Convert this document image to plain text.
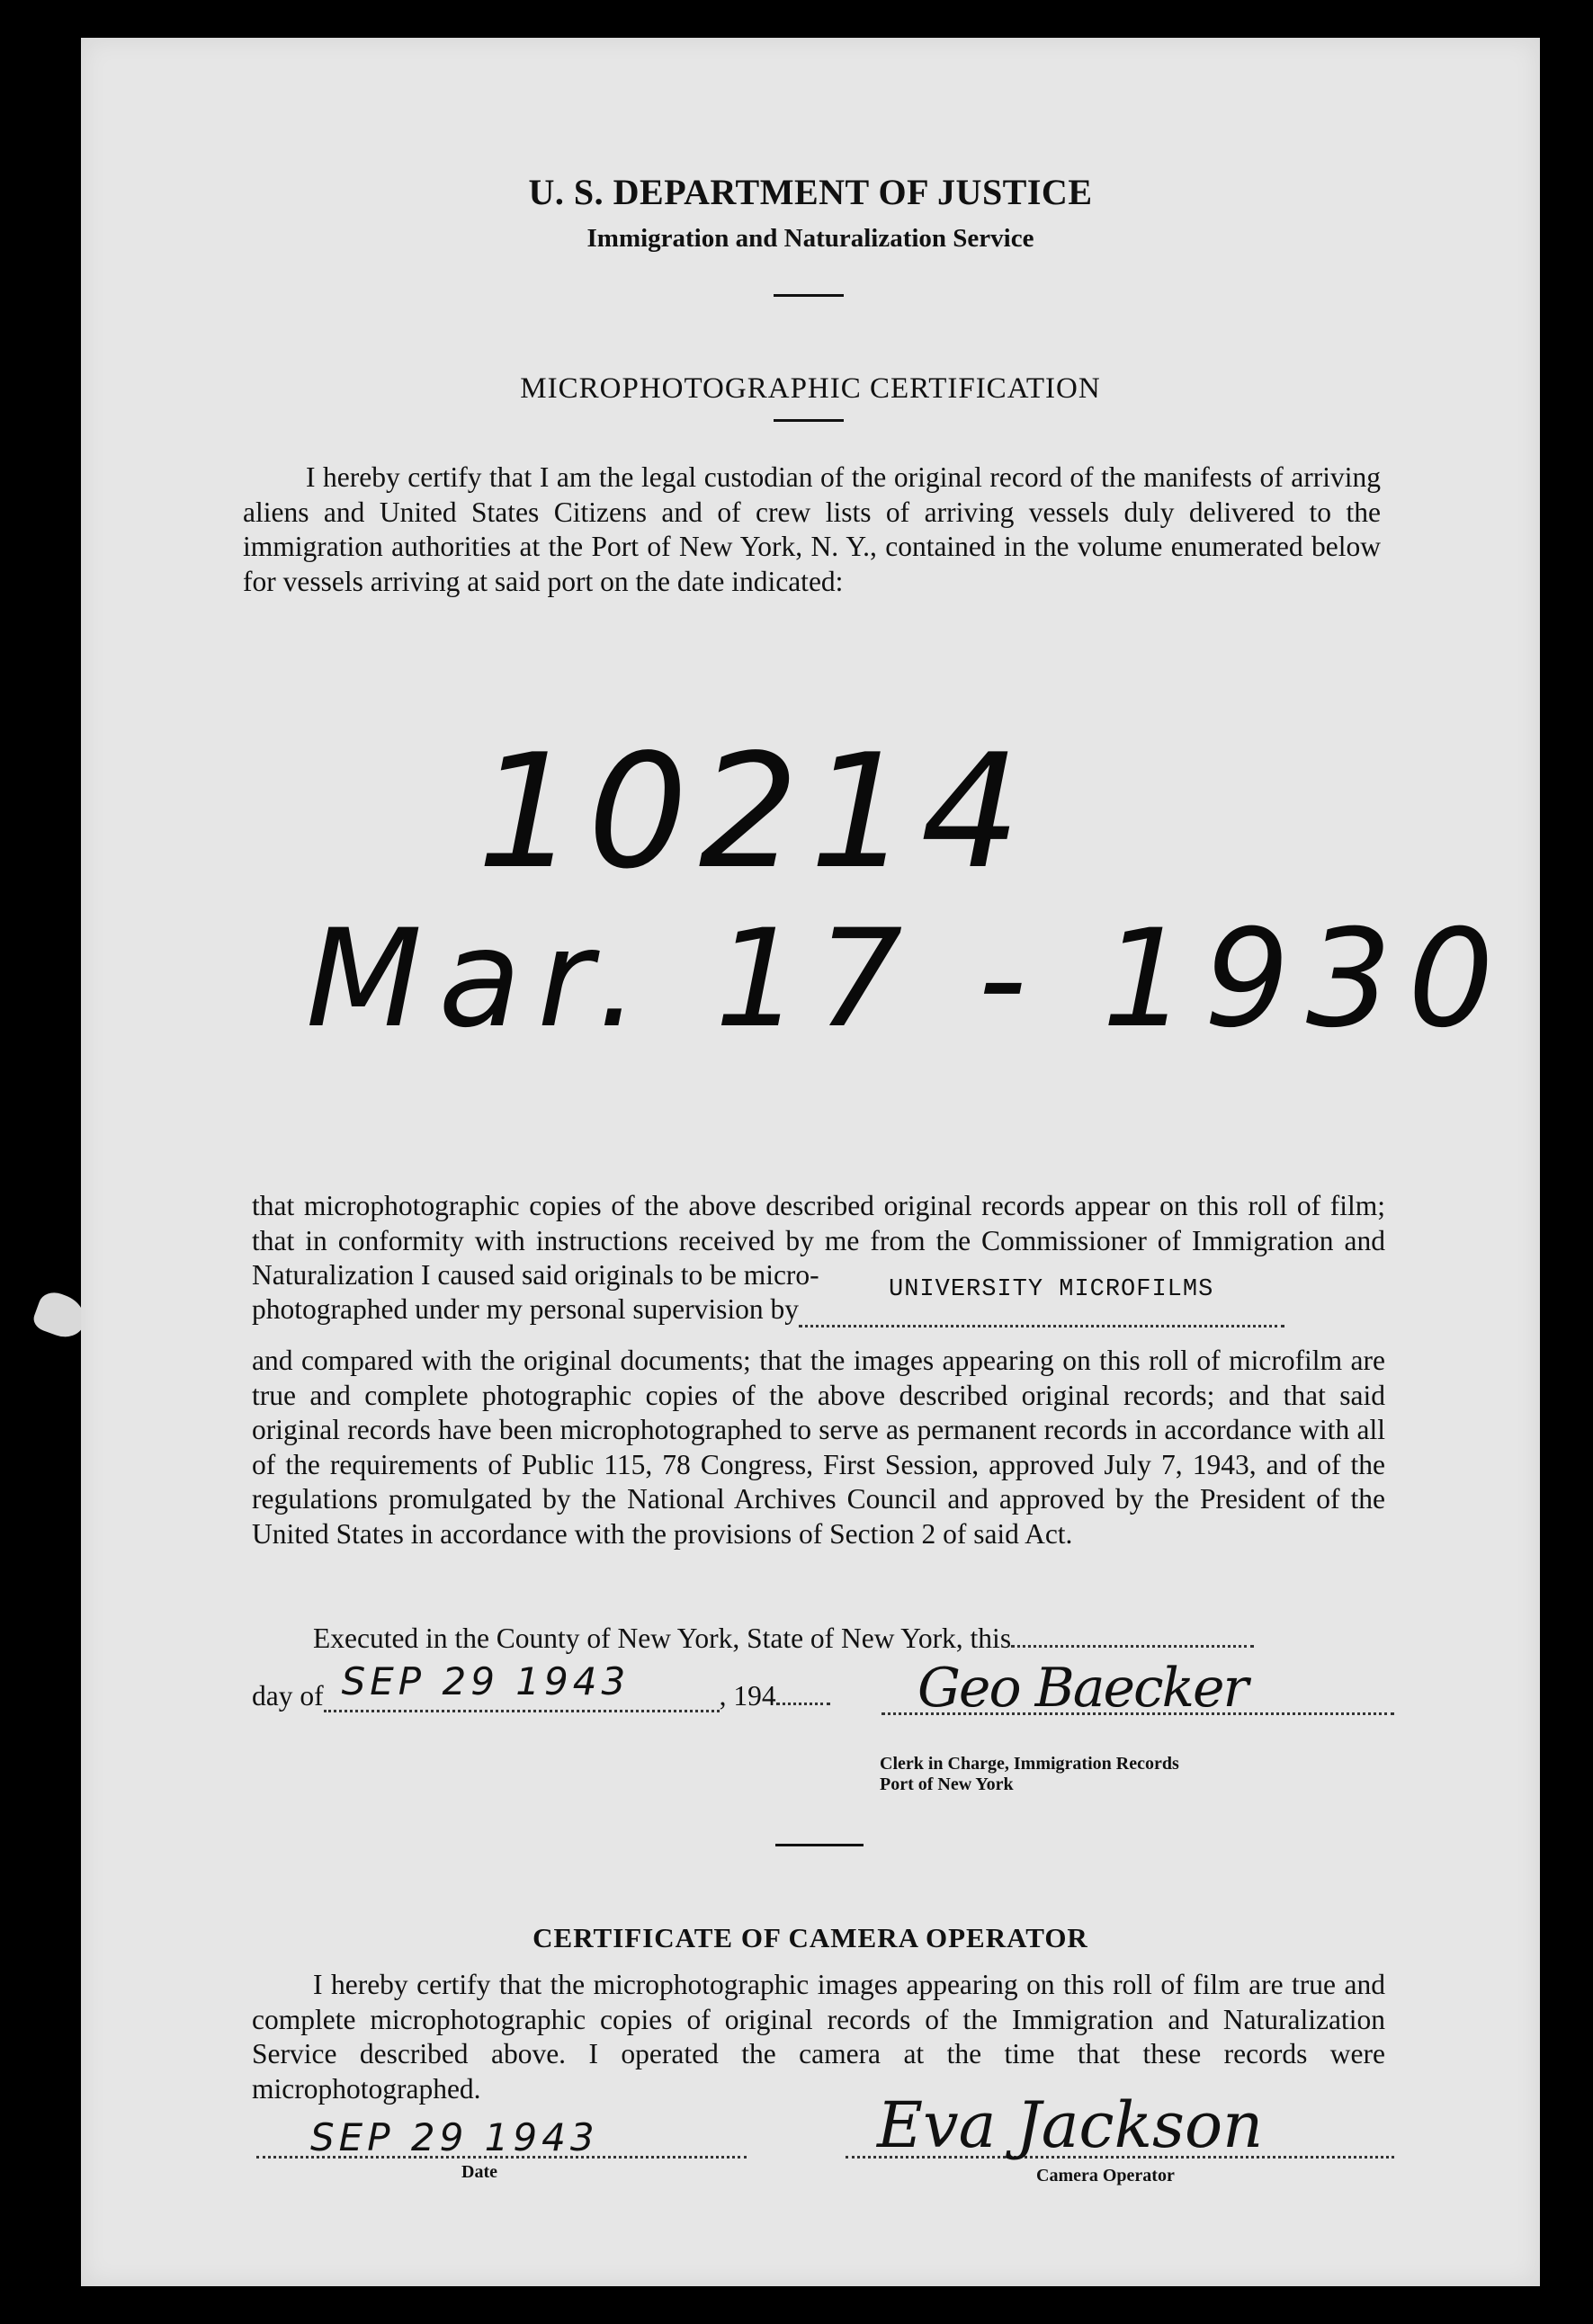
U. S. DEPARTMENT OF JUSTICE
Immigration and Naturalization Service
MICROPHOTOGRAPHIC CERTIFICATION
I hereby certify that I am the legal custodian of the original record of the manifests of arriving aliens and United States Citizens and of crew lists of arriving vessels duly delivered to the immigration authorities at the Port of New York, N. Y., contained in the volume enumerated below for vessels arriving at said port on the date indicated:
10214
Mar. 17 - 1930
that microphotographic copies of the above described original records appear on this roll of film; that in conformity with instructions received by me from the Commissioner of Immigration and Naturalization I caused said originals to be micro-
photographed under my personal supervision by
UNIVERSITY MICROFILMS
and compared with the original documents; that the images appearing on this roll of microfilm are true and complete photographic copies of the above described original records; and that said original records have been microphotographed to serve as permanent records in accordance with all of the requirements of Public 115, 78 Congress, First Session, approved July 7, 1943, and of the regulations promulgated by the National Archives Council and approved by the President of the United States in accordance with the provisions of Section 2 of said Act.
Executed in the County of New York, State of New York, this
day of SEP 29 1943	, 194	Geo Baecker
Clerk in Charge, Immigration Records
Port of New York
CERTIFICATE OF CAMERA OPERATOR
I hereby certify that the microphotographic images appearing on this roll of film are true and complete microphotographic copies of original records of the Immigration and Naturalization Service described above. I operated the camera at the time that these records were microphotographed.
SEP 29 1943
Date
Eva Jackson
Camera Operator
